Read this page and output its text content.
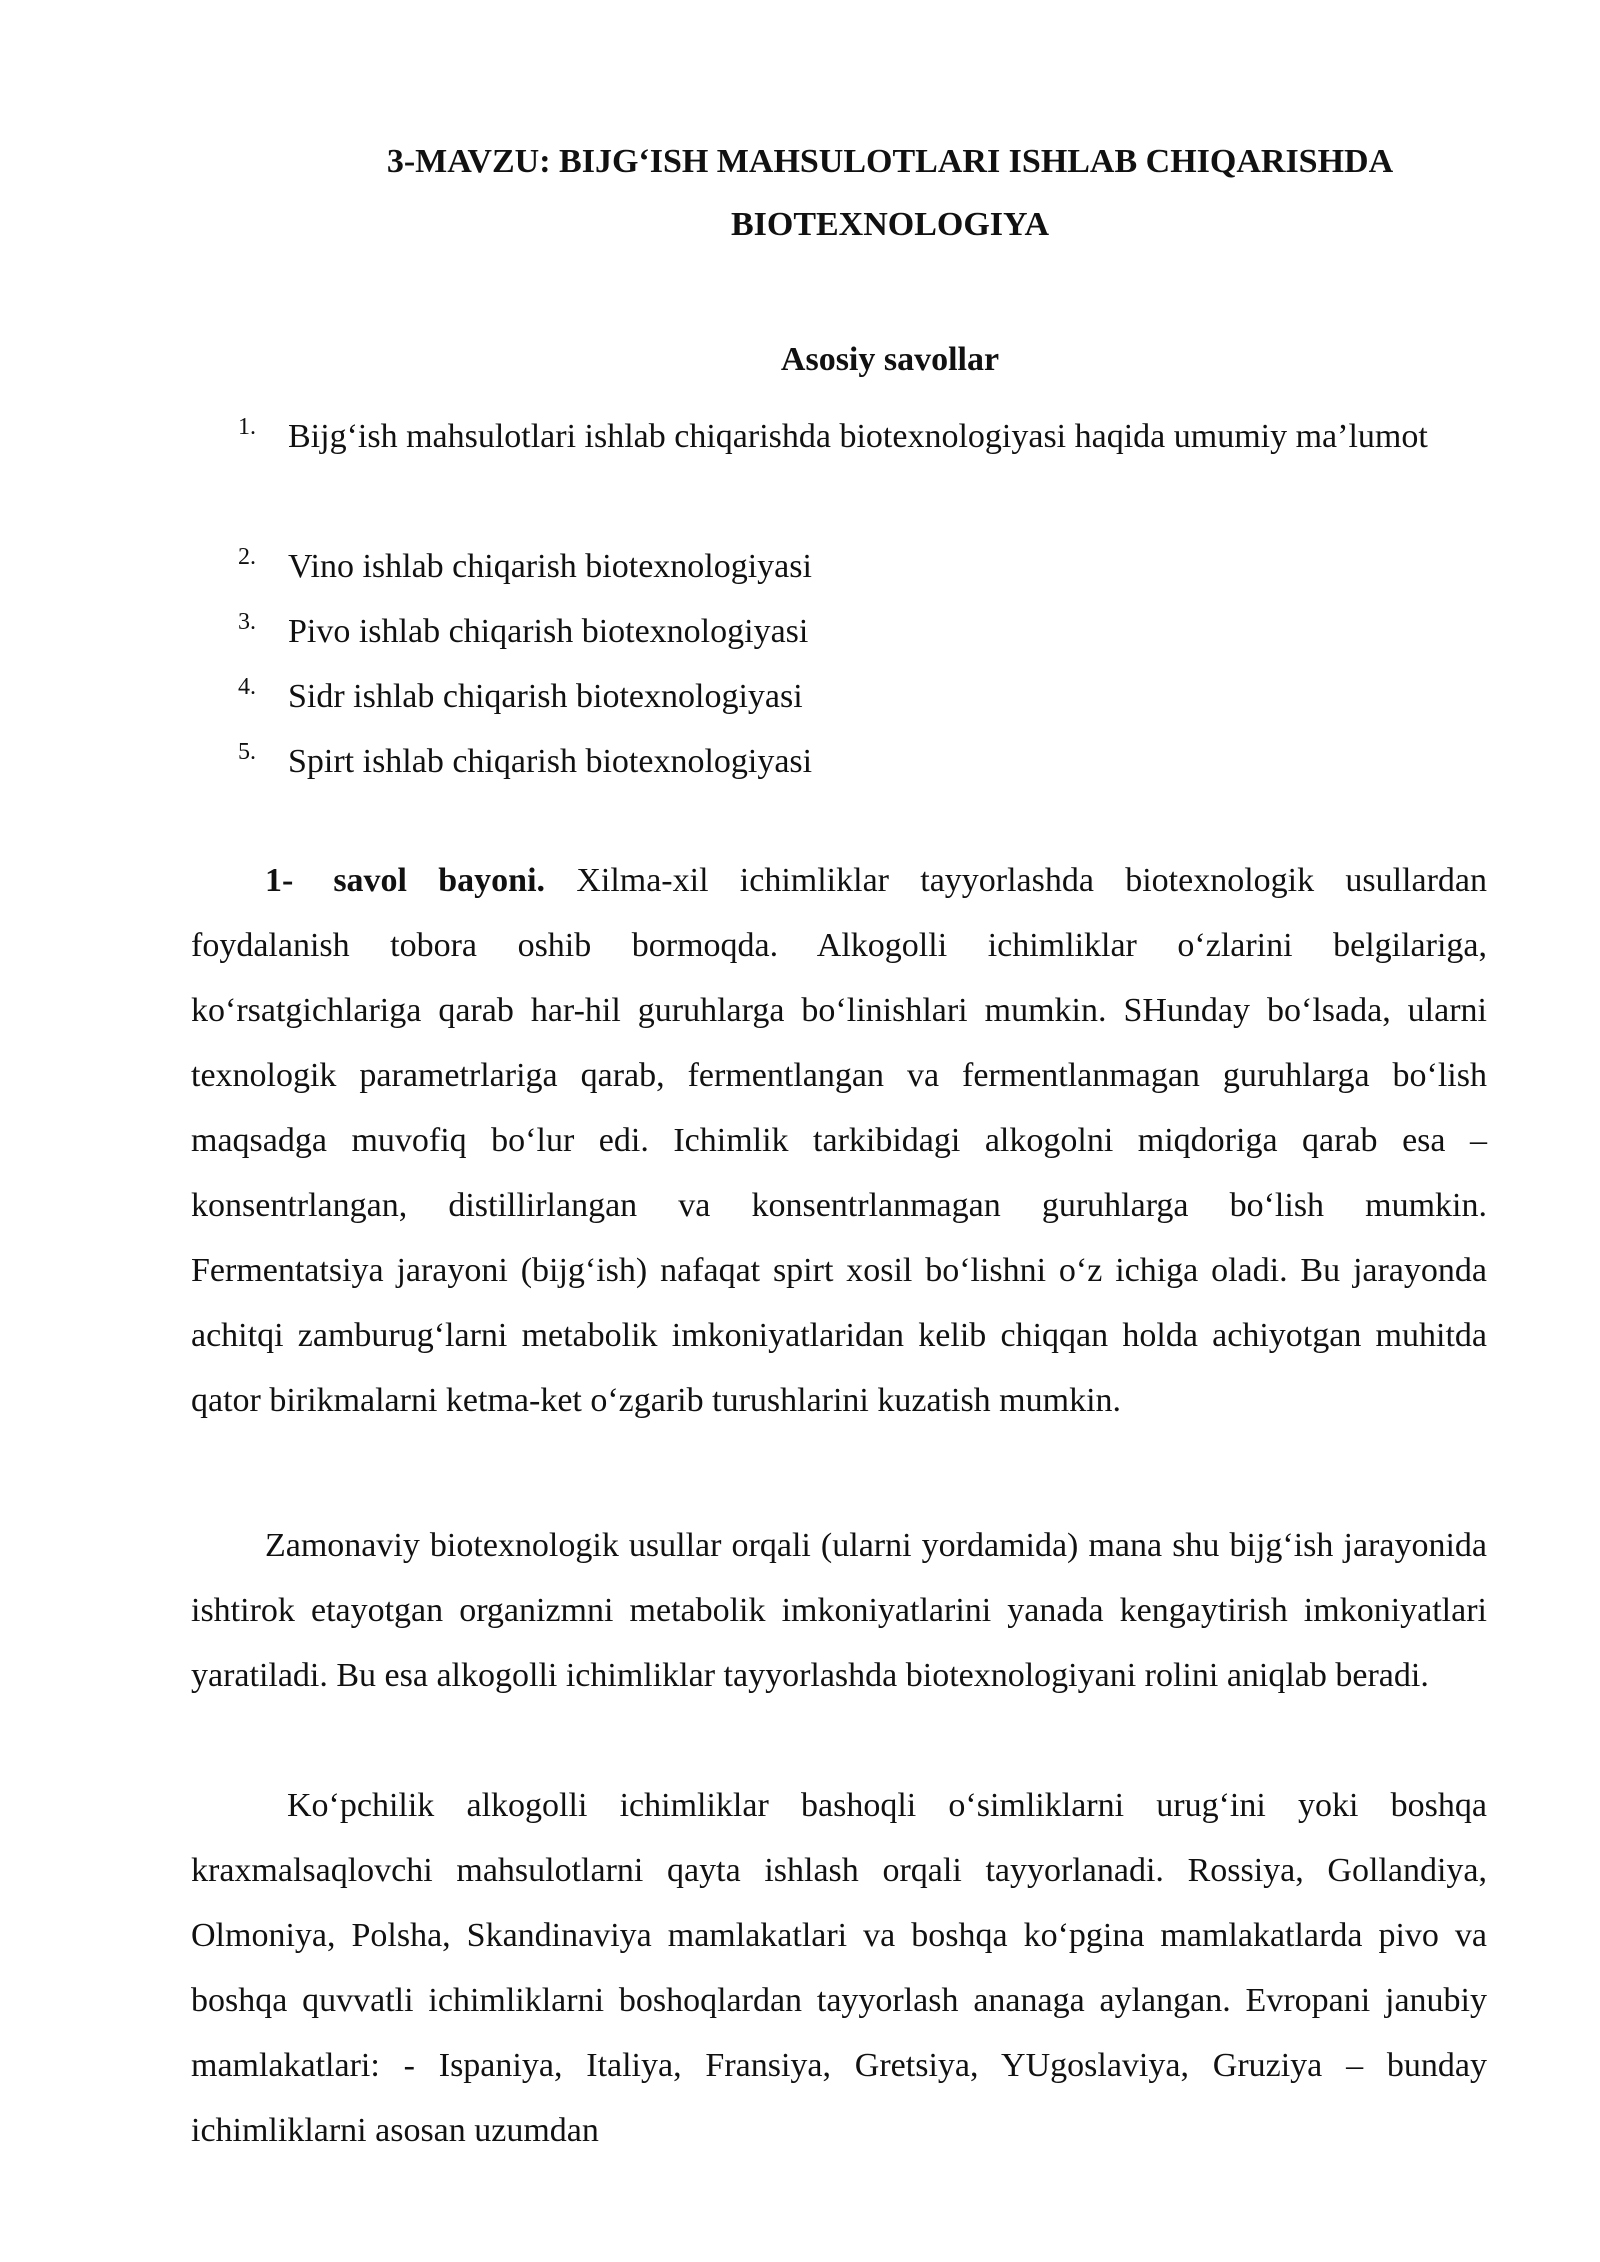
3-MAVZU: BIJG‘ISH MAHSULOTLARI ISHLAB CHIQARISHDA
BIOTEXNOLOGIYA
Asosiy savollar
1. Bijg‘ish mahsulotlari ishlab chiqarishda biotexnologiyasi haqida umumiy ma’lumot
2. Vino ishlab chiqarish biotexnologiyasi
3. Pivo ishlab chiqarish biotexnologiyasi
4. Sidr ishlab chiqarish biotexnologiyasi
5. Spirt ishlab chiqarish biotexnologiyasi
1- savol bayoni. Xilma-xil ichimliklar tayyorlashda biotexnologik usullardan foydalanish tobora oshib bormoqda. Alkogolli ichimliklar o‘zlarini belgilariga, ko‘rsatgichlariga qarab har-hil guruhlarga bo‘linishlari mumkin. SHunday bo‘lsada, ularni texnologik parametrlariga qarab, fermentlangan va fermentlanmagan guruhlarga bo‘lish maqsadga muvofiq bo‘lur edi. Ichimlik tarkibidagi alkogolni miqdoriga qarab esa – konsentrlangan, distillirlangan va konsentrlanmagan guruhlarga bo‘lish mumkin. Fermentatsiya jarayoni (bijg‘ish) nafaqat spirt xosil bo‘lishni o‘z ichiga oladi. Bu jarayonda achitqi zamburug‘larni metabolik imkoniyatlaridan kelib chiqqan holda achiyotgan muhitda qator birikmalarni ketma-ket o‘zgarib turushlarini kuzatish mumkin.
Zamonaviy biotexnologik usullar orqali (ularni yordamida) mana shu bijg‘ish jarayonida ishtirok etayotgan organizmni metabolik imkoniyatlarini yanada kengaytirish imkoniyatlari yaratiladi. Bu esa alkogolli ichimliklar tayyorlashda biotexnologiyani rolini aniqlab beradi.
Ko‘pchilik alkogolli ichimliklar bashoqli o‘simliklarni urug‘ini yoki boshqa kraxmalsaqlovchi mahsulotlarni qayta ishlash orqali tayyorlanadi. Rossiya, Gollandiya, Olmoniya, Polsha, Skandinaviya mamlakatlari va boshqa ko‘pgina mamlakatlarda pivo va boshqa quvvatli ichimliklarni boshoqlardan tayyorlash ananaga aylangan. Evropani janubiy mamlakatlari: - Ispaniya, Italiya, Fransiya, Gretsiya, YUgoslaviya, Gruziya – bunday ichimliklarni asosan uzumdan
